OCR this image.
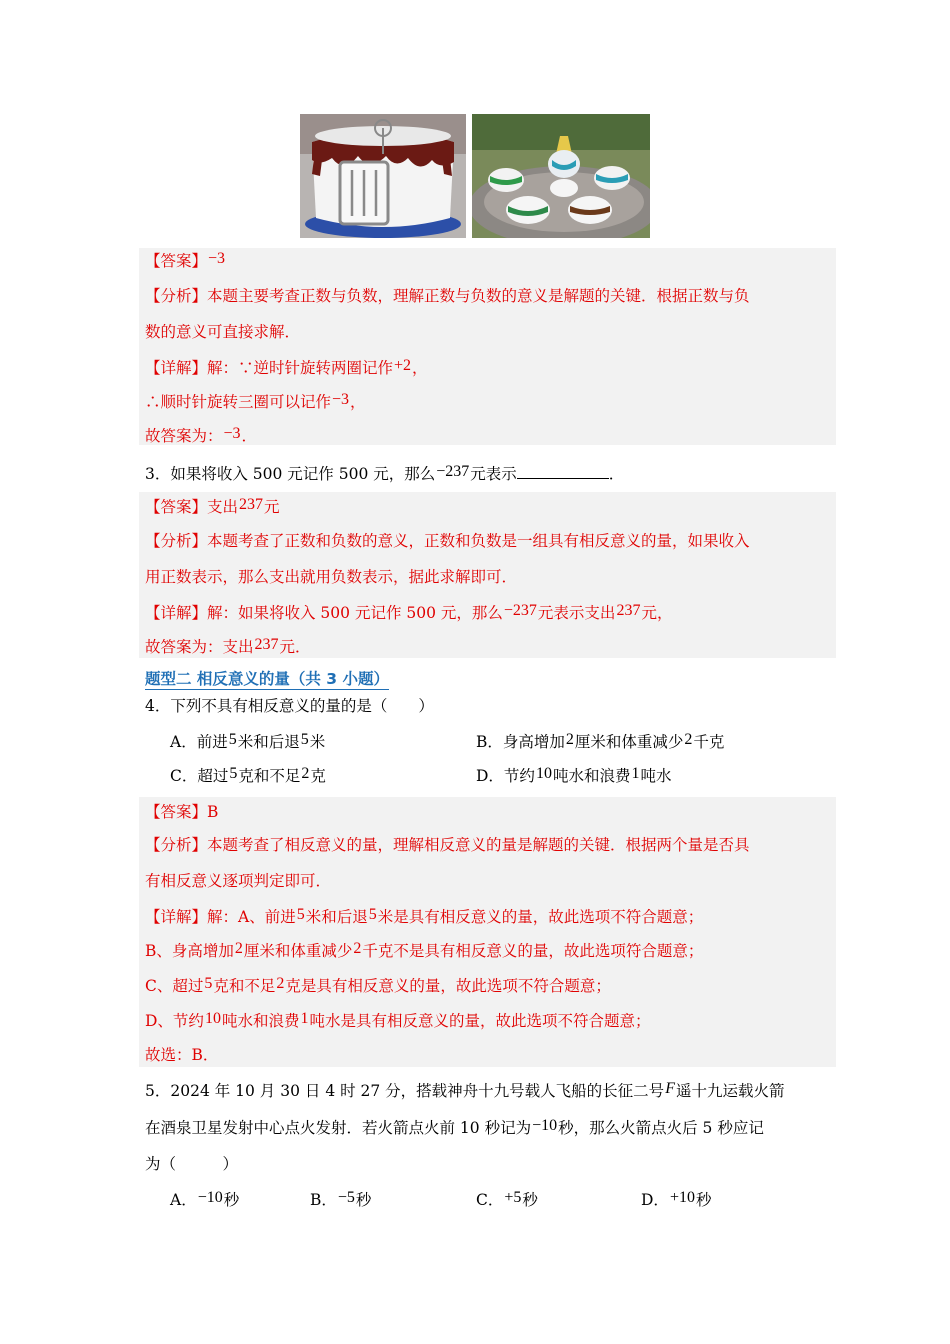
【答案】−3
【分析】本题主要考查正数与负数，理解正数与负数的意义是解题的关键．根据正数与负
数的意义可直接求解．
【详解】解：∵逆时针旋转两圈记作+2，
∴顺时针旋转三圈可以记作−3，
故答案为：−3．
3．如果将收入 500 元记作 500 元，那么−237元表示	．
【答案】支出237元
【分析】本题考查了正数和负数的意义，正数和负数是一组具有相反意义的量，如果收入
用正数表示，那么支出就用负数表示，据此求解即可．
【详解】解：如果将收入 500 元记作 500 元，那么−237元表示支出237元，
故答案为：支出237元．
题型二 相反意义的量（共 3 小题）
4．下列不具有相反意义的量的是（　　）
A．前进5米和后退5米	B．身高增加2厘米和体重减少2千克
C．超过5克和不足2克	D．节约10吨水和浪费1吨水
【答案】B
【分析】本题考查了相反意义的量，理解相反意义的量是解题的关键．根据两个量是否具
有相反意义逐项判定即可．
【详解】解：A、前进5米和后退5米是具有相反意义的量，故此选项不符合题意；
B、身高增加2厘米和体重减少2千克不是具有相反意义的量，故此选项符合题意；
C、超过5克和不足2克是具有相反意义的量，故此选项不符合题意；
D、节约10吨水和浪费1吨水是具有相反意义的量，故此选项不符合题意；
故选：B．
5．2024 年 10 月 30 日 4 时 27 分，搭载神舟十九号载人飞船的长征二号F遥十九运载火箭
在酒泉卫星发射中心点火发射．若火箭点火前 10 秒记为−10秒，那么火箭点火后 5 秒应记
为（　　　）
A．−10秒	B．−5秒	C．+5秒	D．+10秒
